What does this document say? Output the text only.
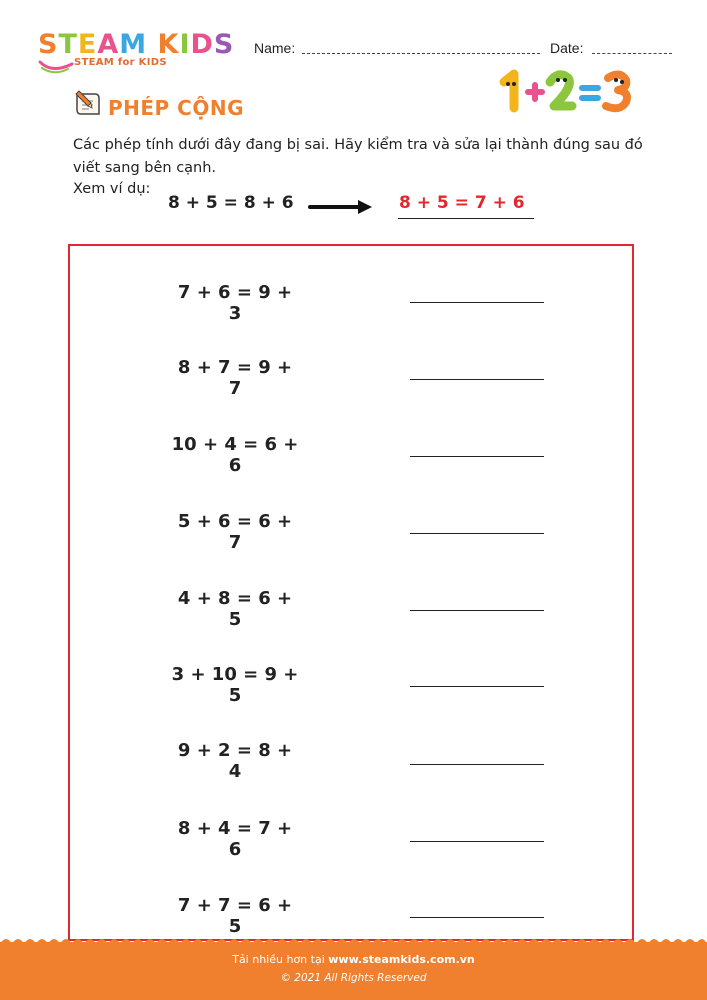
STEAM KIDS
STEAM for KIDS
Name:	Date:
PHÉP CỘNG
Các phép tính dưới đây đang bị sai. Hãy kiểm tra và sửa lại thành đúng sau đó viết sang bên cạnh.
Xem ví dụ:
8 + 5 = 8 + 6	8 + 5 = 7 + 6
7 + 6 = 9 + 3
8 + 7 = 9 + 7
10 + 4 = 6 + 6
5 + 6 = 6 + 7
4 + 8 = 6 + 5
3 + 10 = 9 + 5
9 + 2 = 8 + 4
8 + 4 = 7 + 6
7 + 7 = 6 + 5
Tải nhiều hơn tại www.steamkids.com.vn
© 2021 All Rights Reserved
